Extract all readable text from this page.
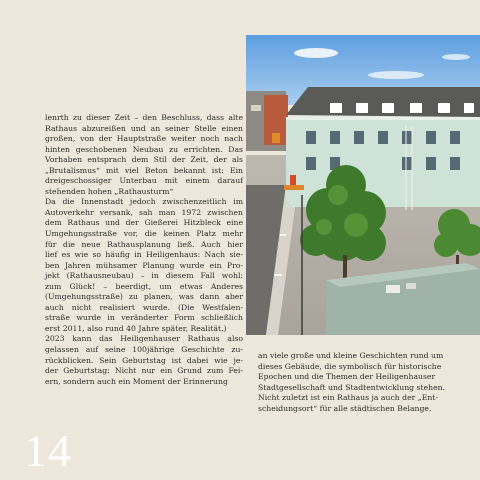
lenrth zu dieser Zeit – den Beschluss, dass alte
Rathaus abzureißen und an seiner Stelle einen
großen, von der Hauptstraße weiter noch nach
hinten geschobenen Neubau zu errichten. Das
Vorhaben entsprach dem Stil der Zeit, der als
„Brutalismus“ mit viel Beton bekannt ist: Ein
dreigeschossiger Unterbau mit einem darauf
stehenden hohen „Rathausturm“

Da die Innenstadt jedoch zwischenzeitlich im
Autoverkehr versank, sah man 1972 zwischen
dem Rathaus und der Gießerei Hitzbleck eine
Umgehungsstraße vor, die keinen Platz mehr
für die neue Rathausplanung ließ. Auch hier
lief es wie so häufig in Heiligenhaus: Nach sie-
ben Jahren mühsamer Planung wurde ein Pro-
jekt (Rathausneubau) – in diesem Fall wohl:
zum Glück! – beerdigt, um etwas Anderes
(Umgehungsstraße) zu planen, was dann aber
auch nicht realisiert wurde. (Die Westfalen-
straße wurde in veränderter Form schließlich
erst 2011, also rund 40 Jahre später, Realität.)

2023 kann das Heiligenhauser Rathaus also
gelassen auf seine 100jährige Geschichte zu-
rückblicken. Sein Geburtstag ist dabei wie je-
der Geburtstag: Nicht nur ein Grund zum Fei-
ern, sondern auch ein Moment der Erinnerung

an viele große und kleine Geschichten rund um
dieses Gebäude, die symbolisch für historische
Epochen und die Themen der Heiligenhauser
Stadtgesellschaft und Stadtentwicklung stehen.
Nicht zuletzt ist ein Rathaus ja auch der „Ent-
scheidungsort“ für alle städtischen Belange.

14
